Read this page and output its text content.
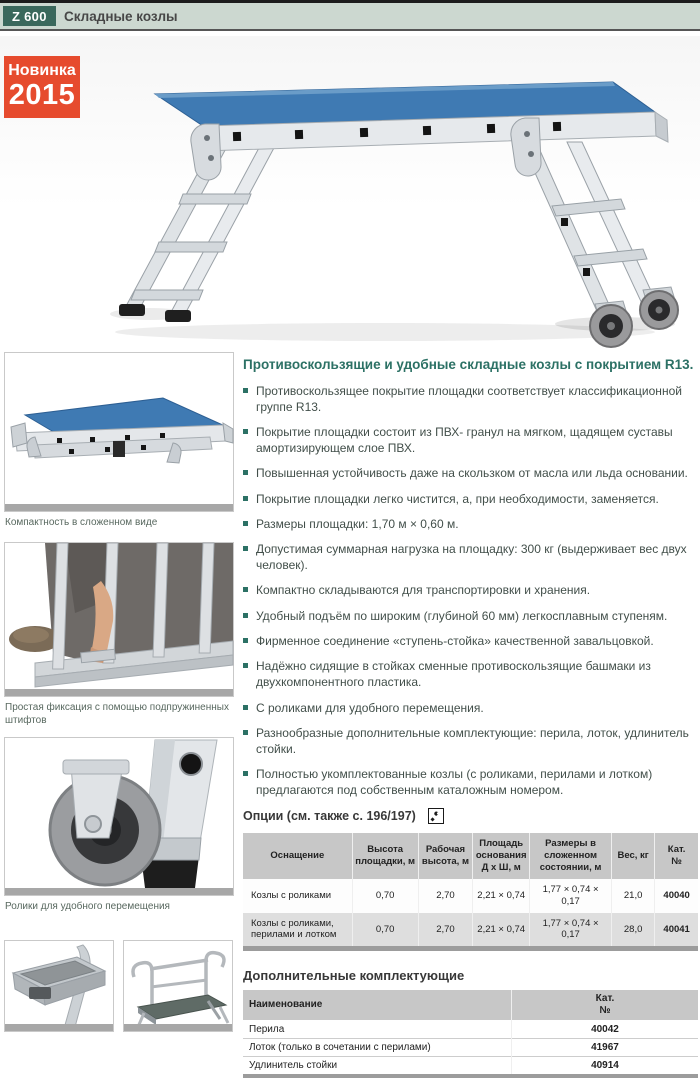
Z 600 Складные козлы
Новинка
2015
Компактность в сложенном виде
Простая фиксация с помощью подпружиненных штифтов
Ролики для удобного перемещения
Противоскользящие и удобные складные козлы с покрытием R13.
Противоскользящее покрытие площадки соответствует классификационной группе R13.
Покрытие площадки состоит из ПВХ- гранул на мягком, щадящем суставы амортизирующем слое ПВХ.
Повышенная устойчивость даже на скользком от масла или льда основании.
Покрытие площадки легко чистится, а, при необходимости, заменяется.
Размеры площадки: 1,70 м × 0,60 м.
Допустимая суммарная нагрузка на площадку: 300 кг (выдерживает вес двух человек).
Компактно складываются для транспортировки и хранения.
Удобный подъём по широким (глубиной 60 мм) легкосплавным ступеням.
Фирменное соединение «ступень-стойка» качественной завальцовкой.
Надёжно сидящие в стойках сменные противоскользящие башмаки из двухкомпонентного пластика.
С роликами для удобного перемещения.
Разнообразные дополнительные комплектующие: перила, лоток, удлинитель стойки.
Полностью укомплектованные козлы (с роликами, перилами и лотком) предлагаются под собственным каталожным номером.
Опции (см. также с. 196/197)
Оснащение	Высота площадки, м	Рабочая высота, м	Площадь основания Д х Ш, м	Размеры в сложенном состоянии, м	Вес, кг	Кат.
№
Козлы с роликами	0,70	2,70	2,21 × 0,74	1,77 × 0,74 × 0,17	21,0	40040
Козлы с роликами, перилами и лотком	0,70	2,70	2,21 × 0,74	1,77 × 0,74 × 0,17	28,0	40041
Дополнительные комплектующие
Наименование	Кат.
№
Перила	40042
Лоток (только в сочетании с перилами)	41967
Удлинитель стойки	40914
